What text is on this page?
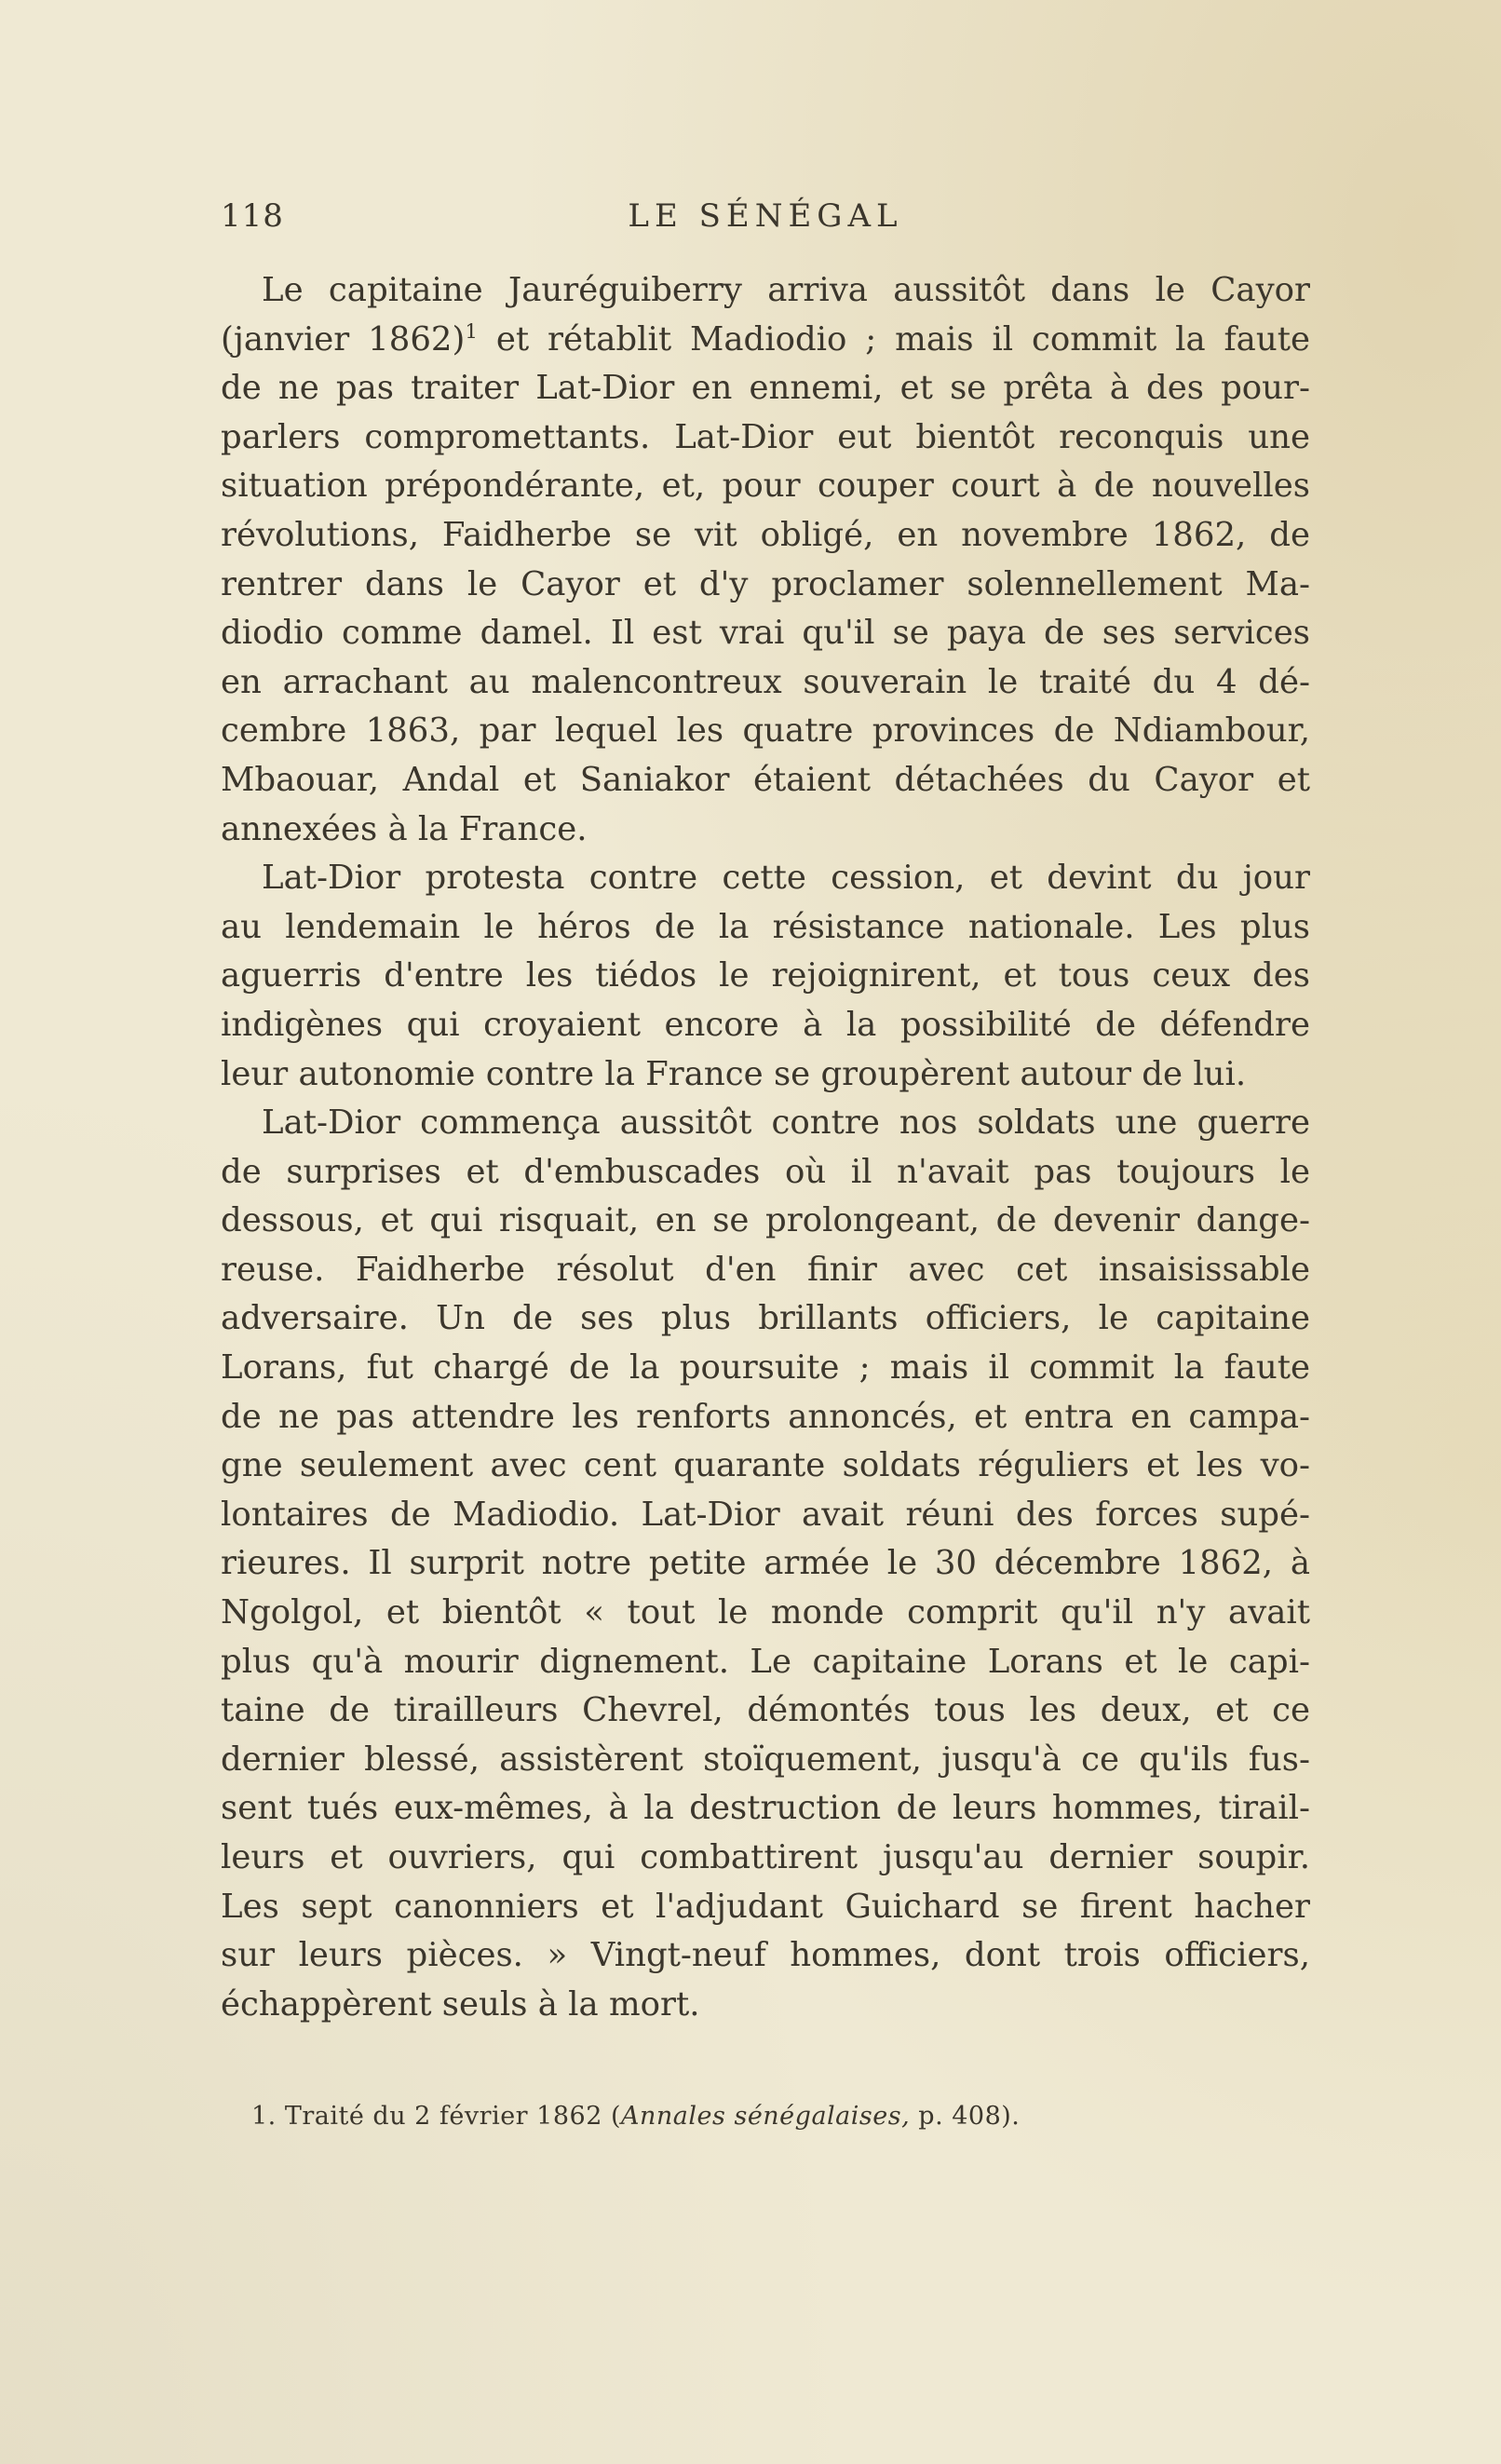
118	LE SÉNÉGAL
Le capitaine Jauréguiberry arriva aussitôt dans le Cayor
(janvier 1862)$^1$ et rétablit Madiodio ; mais il commit la faute
de ne pas traiter Lat-Dior en ennemi, et se prêta à des pour-
parlers compromettants. Lat-Dior eut bientôt reconquis une
situation prépondérante, et, pour couper court à de nouvelles
révolutions, Faidherbe se vit obligé, en novembre 1862, de
rentrer dans le Cayor et d'y proclamer solennellement Ma-
diodio comme damel. Il est vrai qu'il se paya de ses services
en arrachant au malencontreux souverain le traité du 4 dé-
cembre 1863, par lequel les quatre provinces de Ndiambour,
Mbaouar, Andal et Saniakor étaient détachées du Cayor et
annexées à la France.
Lat-Dior protesta contre cette cession, et devint du jour
au lendemain le héros de la résistance nationale. Les plus
aguerris d'entre les tiédos le rejoignirent, et tous ceux des
indigènes qui croyaient encore à la possibilité de défendre
leur autonomie contre la France se groupèrent autour de lui.
Lat-Dior commença aussitôt contre nos soldats une guerre
de surprises et d'embuscades où il n'avait pas toujours le
dessous, et qui risquait, en se prolongeant, de devenir dange-
reuse. Faidherbe résolut d'en finir avec cet insaisissable
adversaire. Un de ses plus brillants officiers, le capitaine
Lorans, fut chargé de la poursuite ; mais il commit la faute
de ne pas attendre les renforts annoncés, et entra en campa-
gne seulement avec cent quarante soldats réguliers et les vo-
lontaires de Madiodio. Lat-Dior avait réuni des forces supé-
rieures. Il surprit notre petite armée le 30 décembre 1862, à
Ngolgol, et bientôt « tout le monde comprit qu'il n'y avait
plus qu'à mourir dignement. Le capitaine Lorans et le capi-
taine de tirailleurs Chevrel, démontés tous les deux, et ce
dernier blessé, assistèrent stoïquement, jusqu'à ce qu'ils fus-
sent tués eux-mêmes, à la destruction de leurs hommes, tirail-
leurs et ouvriers, qui combattirent jusqu'au dernier soupir.
Les sept canonniers et l'adjudant Guichard se firent hacher
sur leurs pièces. » Vingt-neuf hommes, dont trois officiers,
échappèrent seuls à la mort.
1. Traité du 2 février 1862 (Annales sénégalaises, p. 408).
